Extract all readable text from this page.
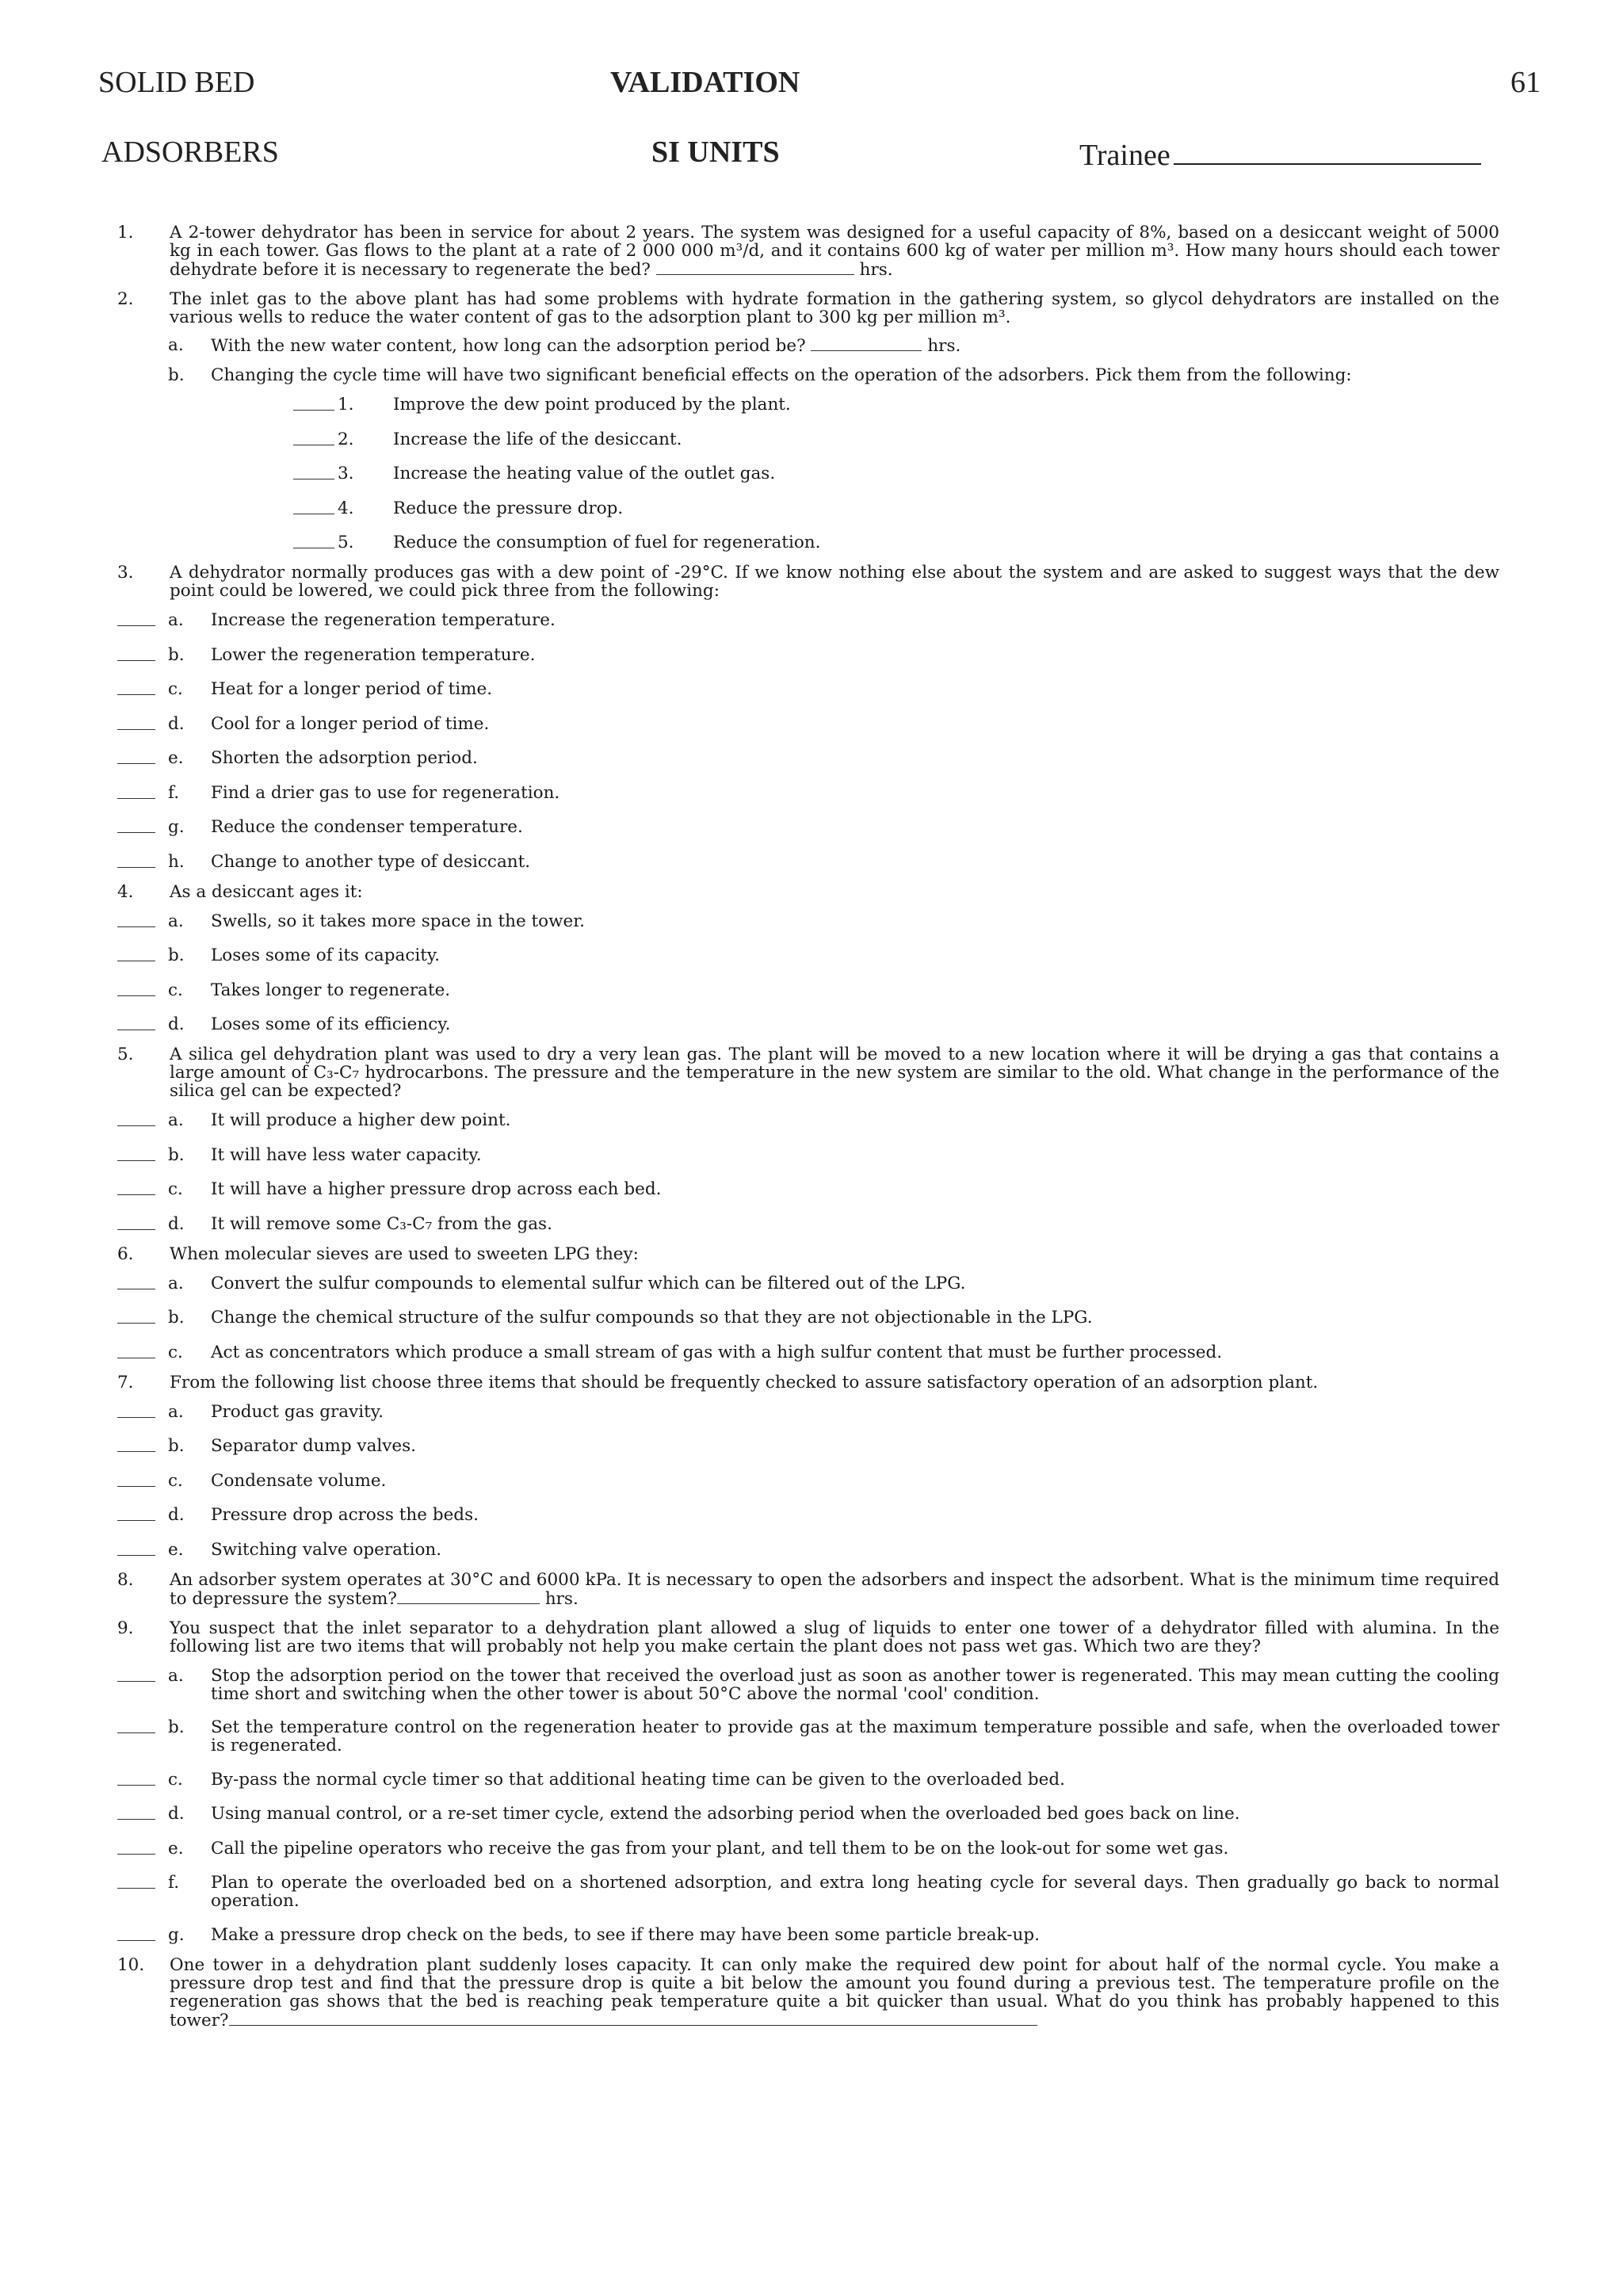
SOLID BED
ADSORBERS
VALIDATION
SI UNITS
61
Trainee
1. A 2-tower dehydrator has been in service for about 2 years. The system was designed for a useful capacity of 8%, based on a desiccant weight of 5000 kg in each tower. Gas flows to the plant at a rate of 2 000 000 m³/d, and it contains 600 kg of water per million m³. How many hours should each tower dehydrate before it is necessary to regenerate the bed?	hrs.
2. The inlet gas to the above plant has had some problems with hydrate formation in the gathering system, so glycol dehydrators are installed on the various wells to reduce the water content of gas to the adsorption plant to 300 kg per million m³.
a. With the new water content, how long can the adsorption period be?	hrs.
b. Changing the cycle time will have two significant beneficial effects on the operation of the adsorbers. Pick them from the following:
1. Improve the dew point produced by the plant.
2. Increase the life of the desiccant.
3. Increase the heating value of the outlet gas.
4. Reduce the pressure drop.
5. Reduce the consumption of fuel for regeneration.
3. A dehydrator normally produces gas with a dew point of -29°C. If we know nothing else about the system and are asked to suggest ways that the dew point could be lowered, we could pick three from the following:
a. Increase the regeneration temperature.
b. Lower the regeneration temperature.
c. Heat for a longer period of time.
d. Cool for a longer period of time.
e. Shorten the adsorption period.
f. Find a drier gas to use for regeneration.
g. Reduce the condenser temperature.
h. Change to another type of desiccant.
4. As a desiccant ages it:
a. Swells, so it takes more space in the tower.
b. Loses some of its capacity.
c. Takes longer to regenerate.
d. Loses some of its efficiency.
5. A silica gel dehydration plant was used to dry a very lean gas. The plant will be moved to a new location where it will be drying a gas that contains a large amount of C₃-C₇ hydrocarbons. The pressure and the temperature in the new system are similar to the old. What change in the performance of the silica gel can be expected?
a. It will produce a higher dew point.
b. It will have less water capacity.
c. It will have a higher pressure drop across each bed.
d. It will remove some C₃-C₇ from the gas.
6. When molecular sieves are used to sweeten LPG they:
a. Convert the sulfur compounds to elemental sulfur which can be filtered out of the LPG.
b. Change the chemical structure of the sulfur compounds so that they are not objectionable in the LPG.
c. Act as concentrators which produce a small stream of gas with a high sulfur content that must be further processed.
7. From the following list choose three items that should be frequently checked to assure satisfactory operation of an adsorption plant.
a. Product gas gravity.
b. Separator dump valves.
c. Condensate volume.
d. Pressure drop across the beds.
e. Switching valve operation.
8. An adsorber system operates at 30°C and 6000 kPa. It is necessary to open the adsorbers and inspect the adsorbent. What is the minimum time required to depressure the system?	hrs.
9. You suspect that the inlet separator to a dehydration plant allowed a slug of liquids to enter one tower of a dehydrator filled with alumina. In the following list are two items that will probably not help you make certain the plant does not pass wet gas. Which two are they?
a. Stop the adsorption period on the tower that received the overload just as soon as another tower is regenerated. This may mean cutting the cooling time short and switching when the other tower is about 50°C above the normal 'cool' condition.
b. Set the temperature control on the regeneration heater to provide gas at the maximum temperature possible and safe, when the overloaded tower is regenerated.
c. By-pass the normal cycle timer so that additional heating time can be given to the overloaded bed.
d. Using manual control, or a re-set timer cycle, extend the adsorbing period when the overloaded bed goes back on line.
e. Call the pipeline operators who receive the gas from your plant, and tell them to be on the look-out for some wet gas.
f. Plan to operate the overloaded bed on a shortened adsorption, and extra long heating cycle for several days. Then gradually go back to normal operation.
g. Make a pressure drop check on the beds, to see if there may have been some particle break-up.
10. One tower in a dehydration plant suddenly loses capacity. It can only make the required dew point for about half of the normal cycle. You make a pressure drop test and find that the pressure drop is quite a bit below the amount you found during a previous test. The temperature profile on the regeneration gas shows that the bed is reaching peak temperature quite a bit quicker than usual. What do you think has probably happened to this tower?
